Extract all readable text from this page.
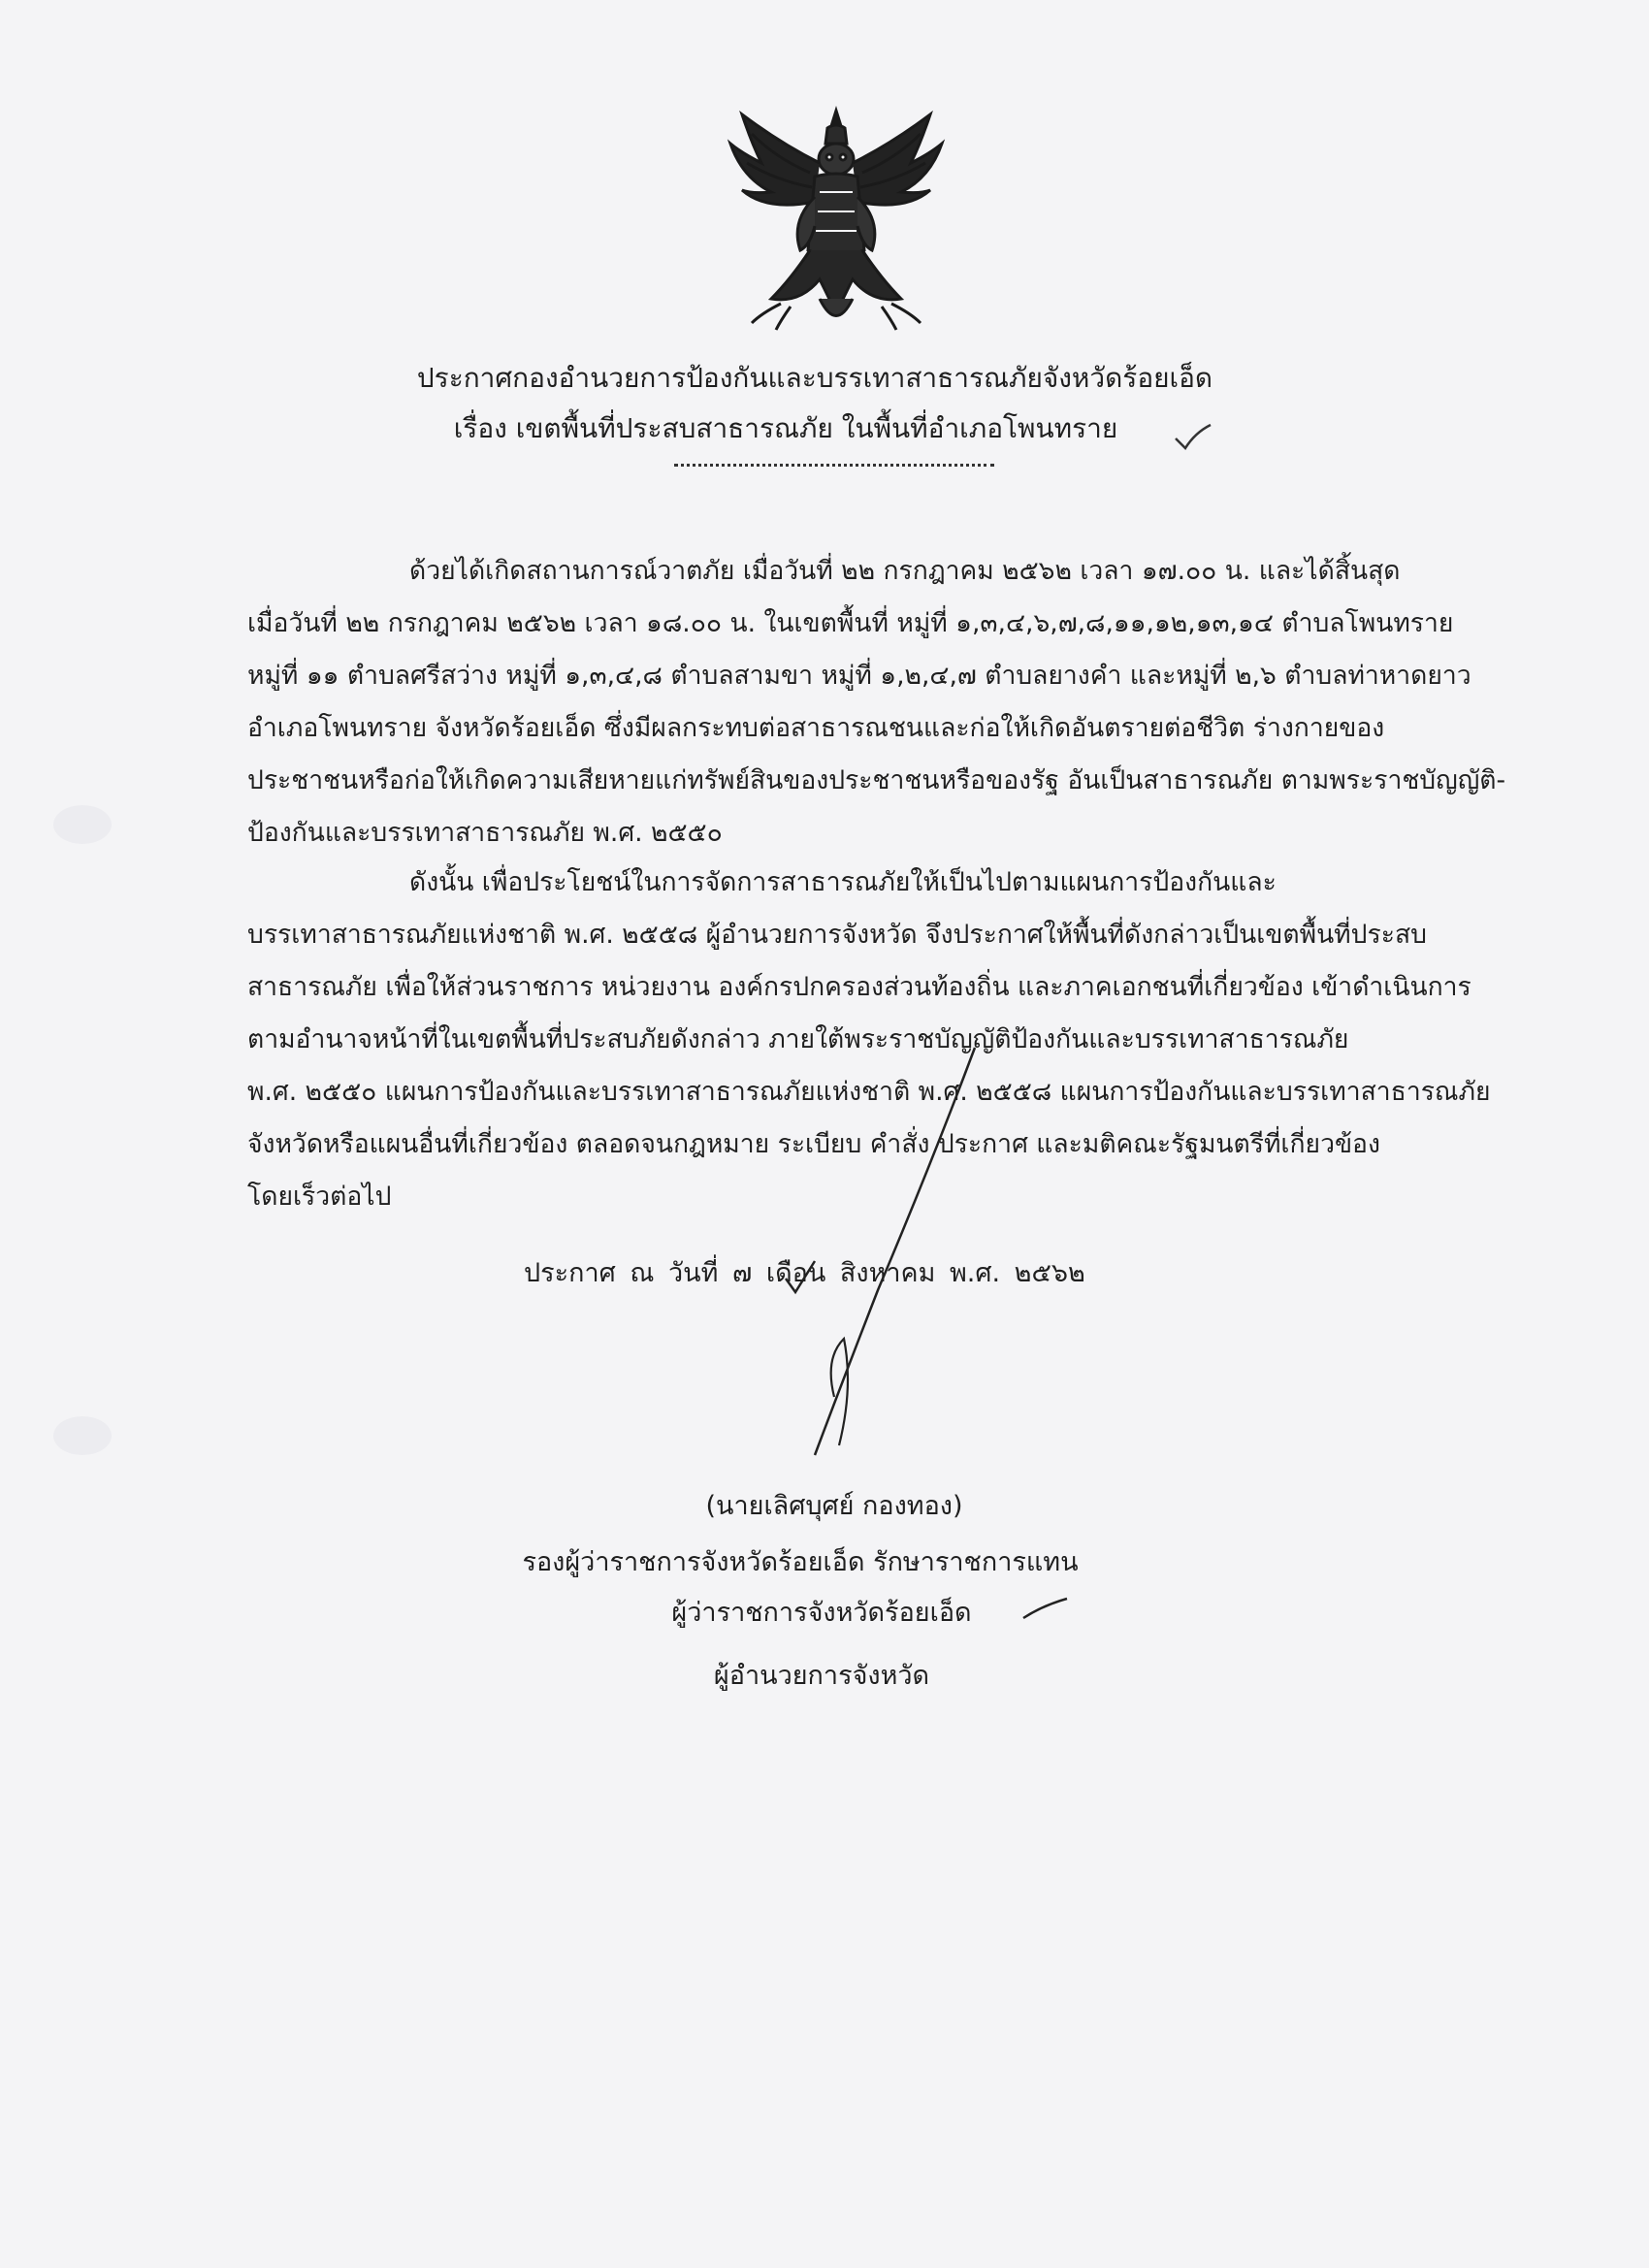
ประกาศกองอำนวยการป้องกันและบรรเทาสาธารณภัยจังหวัดร้อยเอ็ด
เรื่อง เขตพื้นที่ประสบสาธารณภัย ในพื้นที่อำเภอโพนทราย
ด้วยได้เกิดสถานการณ์วาตภัย เมื่อวันที่ ๒๒ กรกฎาคม ๒๕๖๒ เวลา ๑๗.๐๐ น. และได้สิ้นสุด
เมื่อวันที่ ๒๒ กรกฎาคม ๒๕๖๒ เวลา ๑๘.๐๐ น. ในเขตพื้นที่ หมู่ที่ ๑,๓,๔,๖,๗,๘,๑๑,๑๒,๑๓,๑๔ ตำบลโพนทราย
หมู่ที่ ๑๑ ตำบลศรีสว่าง หมู่ที่ ๑,๓,๔,๘ ตำบลสามขา หมู่ที่ ๑,๒,๔,๗ ตำบลยางคำ และหมู่ที่ ๒,๖ ตำบลท่าหาดยาว
อำเภอโพนทราย จังหวัดร้อยเอ็ด ซึ่งมีผลกระทบต่อสาธารณชนและก่อให้เกิดอันตรายต่อชีวิต ร่างกายของ
ประชาชนหรือก่อให้เกิดความเสียหายแก่ทรัพย์สินของประชาชนหรือของรัฐ อันเป็นสาธารณภัย ตามพระราชบัญญัติ-
ป้องกันและบรรเทาสาธารณภัย พ.ศ. ๒๕๕๐
ดังนั้น เพื่อประโยชน์ในการจัดการสาธารณภัยให้เป็นไปตามแผนการป้องกันและ
บรรเทาสาธารณภัยแห่งชาติ พ.ศ. ๒๕๕๘ ผู้อำนวยการจังหวัด จึงประกาศให้พื้นที่ดังกล่าวเป็นเขตพื้นที่ประสบ
สาธารณภัย เพื่อให้ส่วนราชการ หน่วยงาน องค์กรปกครองส่วนท้องถิ่น และภาคเอกชนที่เกี่ยวข้อง เข้าดำเนินการ
ตามอำนาจหน้าที่ในเขตพื้นที่ประสบภัยดังกล่าว ภายใต้พระราชบัญญัติป้องกันและบรรเทาสาธารณภัย
พ.ศ. ๒๕๕๐ แผนการป้องกันและบรรเทาสาธารณภัยแห่งชาติ พ.ศ. ๒๕๕๘ แผนการป้องกันและบรรเทาสาธารณภัย
จังหวัดหรือแผนอื่นที่เกี่ยวข้อง ตลอดจนกฎหมาย ระเบียบ คำสั่ง ประกาศ และมติคณะรัฐมนตรีที่เกี่ยวข้อง
โดยเร็วต่อไป
ประกาศ ณ วันที่ ๗ เดือน สิงหาคม พ.ศ. ๒๕๖๒
(นายเลิศบุศย์ กองทอง)
รองผู้ว่าราชการจังหวัดร้อยเอ็ด รักษาราชการแทน
ผู้ว่าราชการจังหวัดร้อยเอ็ด
ผู้อำนวยการจังหวัด
